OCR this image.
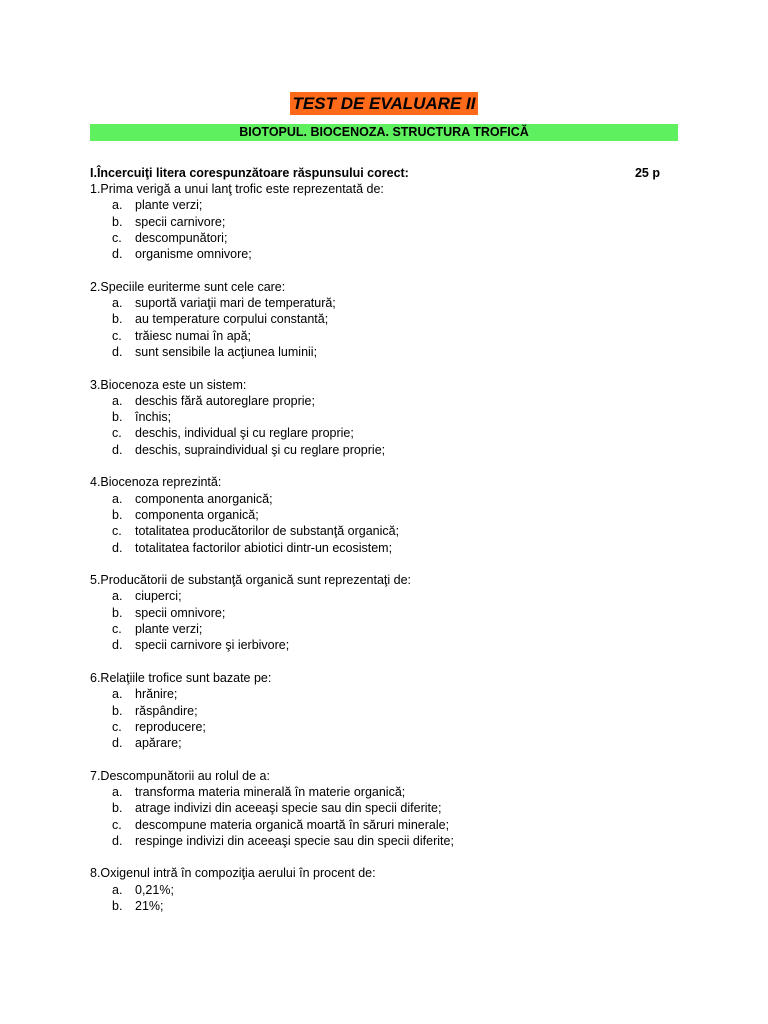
TEST DE EVALUARE II
BIOTOPUL. BIOCENOZA. STRUCTURA TROFICĂ
I.Încercuiţi litera corespunzătoare răspunsului corect:	25 p
1.Prima verigă a unui lanţ trofic este reprezentată de:
a. plante verzi;
b. specii carnivore;
c. descompunători;
d. organisme omnivore;
2.Speciile euriterme sunt cele care:
a. suportă variaţii mari de temperatură;
b. au temperature corpului constantă;
c. trăiesc numai în apă;
d. sunt sensibile la acţiunea luminii;
3.Biocenoza este un sistem:
a. deschis fără autoreglare proprie;
b. închis;
c. deschis, individual şi cu reglare proprie;
d. deschis, supraindividual şi cu reglare proprie;
4.Biocenoza reprezintă:
a. componenta anorganică;
b. componenta organică;
c. totalitatea producătorilor de substanţă organică;
d. totalitatea factorilor abiotici dintr-un ecosistem;
5.Producătorii de substanţă organică sunt reprezentaţi de:
a. ciuperci;
b. specii omnivore;
c. plante verzi;
d. specii carnivore şi ierbivore;
6.Relaţiile trofice sunt bazate pe:
a. hrănire;
b. răspândire;
c. reproducere;
d. apărare;
7.Descompunătorii au rolul de a:
a. transforma materia minerală în materie organică;
b. atrage indivizi din aceeaşi specie sau din specii diferite;
c. descompune materia organică moartă în săruri minerale;
d. respinge indivizi din aceeaşi specie sau din specii diferite;
8.Oxigenul intră în compoziţia aerului în procent de:
a. 0,21%;
b. 21%;
